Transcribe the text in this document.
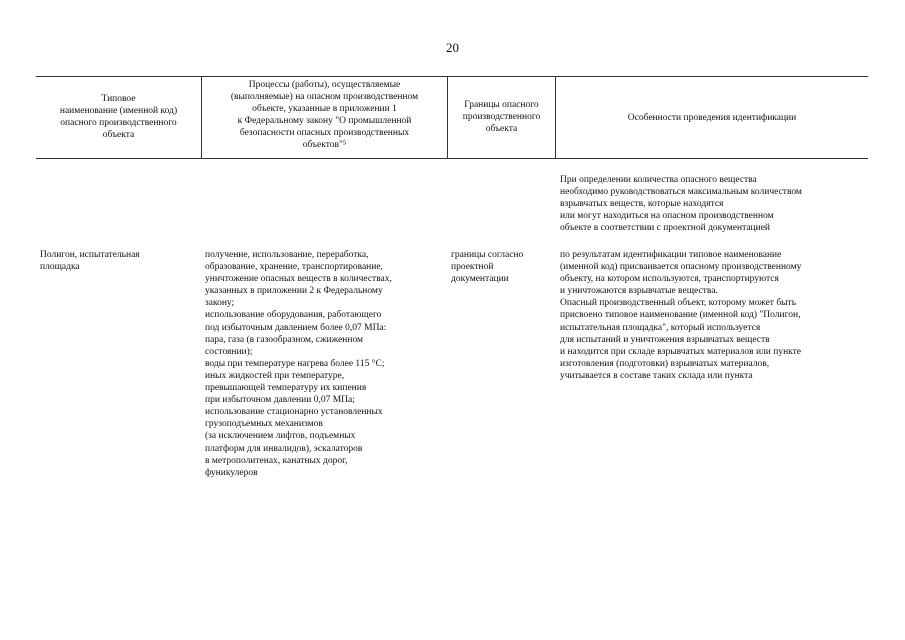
20
Типовое
наименование (именной код)
опасного производственного
объекта
Процессы (работы), осуществляемые
(выполняемые) на опасном производственном
объекте, указанные в приложении 1
к Федеральному закону "О промышленной
безопасности опасных производственных
объектов"⁵
Границы опасного
производственного
объекта
Особенности проведения идентификации
При определении количества опасного вещества
необходимо руководствоваться максимальным количеством
взрывчатых веществ, которые находятся
или могут находиться на опасном производственном
объекте в соответствии с проектной документацией
Полигон, испытательная
площадка
получение, использование, переработка,
образование, хранение, транспортирование,
уничтожение опасных веществ в количествах,
указанных в приложении 2 к Федеральному
закону;
использование оборудования, работающего
под избыточным давлением более 0,07 МПа:
пара, газа (в газообразном, сжиженном
состоянии);
воды при температуре нагрева более 115 °С;
иных жидкостей при температуре,
превышающей температуру их кипения
при избыточном давлении 0,07 МПа;
использование стационарно установленных
грузоподъемных механизмов
(за исключением лифтов, подъемных
платформ для инвалидов), эскалаторов
в метрополитенах, канатных дорог,
фуникулеров
границы согласно
проектной
документации
по результатам идентификации типовое наименование
(именной код) присваивается опасному производственному
объекту, на котором используются, транспортируются
и уничтожаются взрывчатые вещества.
Опасный производственный объект, которому может быть
присвоено типовое наименование (именной код) "Полигон,
испытательная площадка", который используется
для испытаний и уничтожения взрывчатых веществ
и находится при складе взрывчатых материалов или пункте
изготовления (подготовки) взрывчатых материалов,
учитывается в составе таких склада или пункта
